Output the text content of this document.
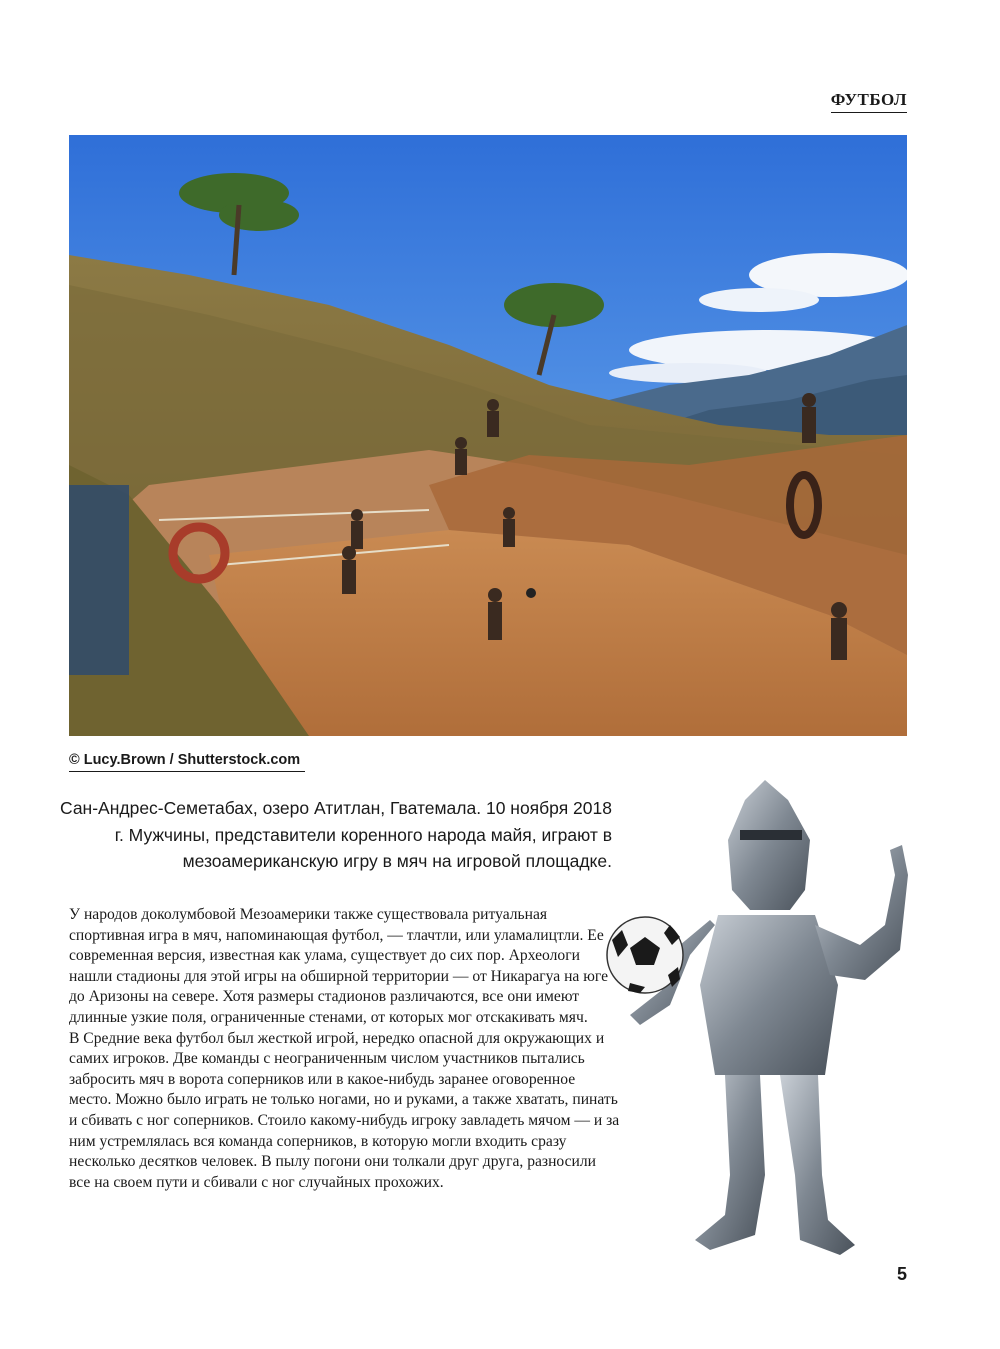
ФУТБОЛ
© Lucy.Brown / Shutterstock.com
Сан-Андрес-Семетабах, озеро Атитлан, Гватемала. 10 ноября 2018 г. Мужчины, представители коренного народа майя, играют в мезоамериканскую игру в мяч на игровой площадке.

У народов доколумбовой Мезоамерики также существовала ритуальная спортивная игра в мяч, напоминающая футбол, — тлачтли, или уламалицтли. Ее современная версия, известная как улама, существует до сих пор. Археологи нашли стадионы для этой игры на обширной территории — от Никарагуа на юге до Аризоны на севере. Хотя размеры стадионов различаются, все они имеют длинные узкие поля, ограниченные стенами, от которых мог отскакивать мяч.

В Средние века футбол был жесткой игрой, нередко опасной для окружающих и самих игроков. Две команды с неограниченным числом участников пытались забросить мяч в ворота соперников или в какое-нибудь заранее оговоренное место. Можно было играть не только ногами, но и руками, а также хватать, пинать и сбивать с ног соперников. Стоило какому-нибудь игроку завладеть мячом — и за ним устремлялась вся команда соперников, в которую могли входить сразу несколько десятков человек. В пылу погони они толкали друг друга, разносили все на своем пути и сбивали с ног случайных прохожих.

5
